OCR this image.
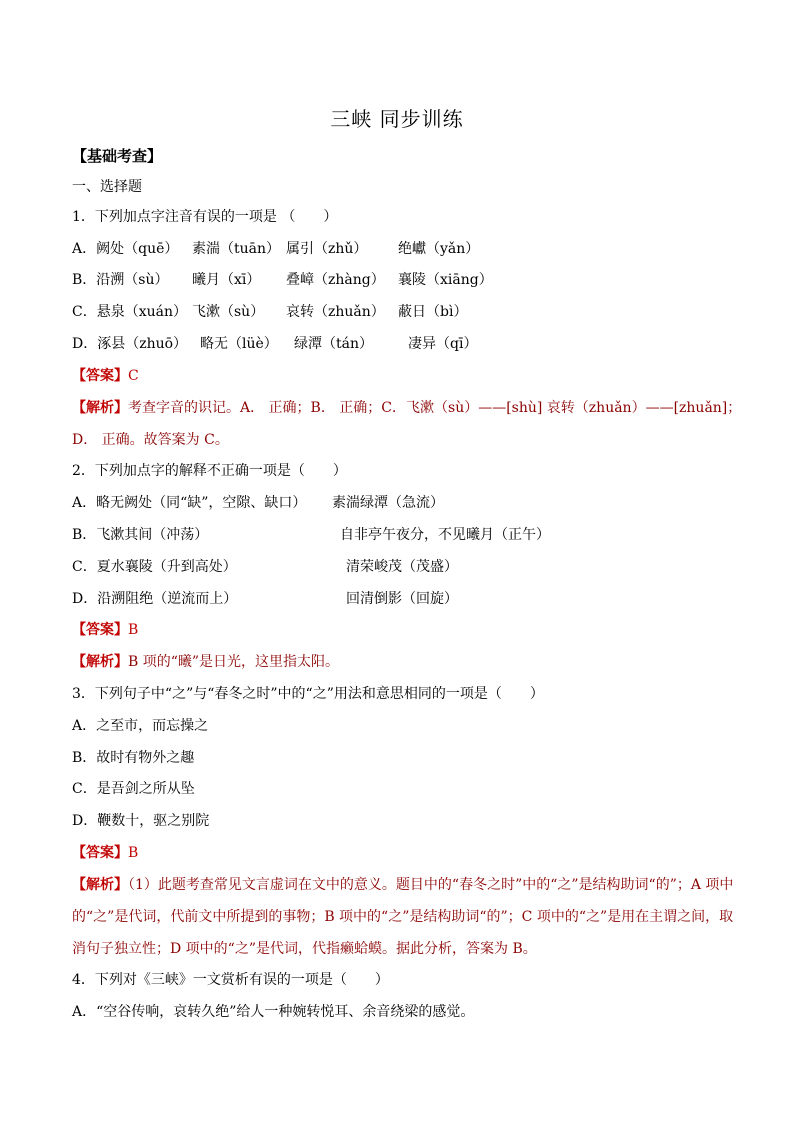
三峡 同步训练
【基础考查】
一、选择题
1．下列加点字注音有误的一项是 （　　）
A．阙处（quē） 素湍（tuān） 属引（zhǔ） 绝巘（yǎn）
B．沿溯（sù） 曦月（xī） 叠嶂（zhàng） 襄陵（xiāng）
C．悬泉（xuán） 飞漱（sù） 哀转（zhuǎn） 蔽日（bì）
D．涿县（zhuō） 略无（lüè） 绿潭（tán）	凄异（qī）
【答案】C
【解析】考查字音的识记。A． 正确；B． 正确；C．飞漱（sù）——[shù] 哀转（zhuǎn）——[zhuǎn]；
D． 正确。故答案为 C。
2．下列加点字的解释不正确一项是（　　）
A．略无阙处（同“缺”，空隙、缺口） 素湍绿潭（急流）
B．飞漱其间（冲荡）	自非亭午夜分，不见曦月（正午）
C．夏水襄陵（升到高处）	清荣峻茂（茂盛）
D．沿溯阻绝（逆流而上）	回清倒影（回旋）
【答案】B
【解析】B 项的“曦”是日光，这里指太阳。
3．下列句子中“之”与“春冬之时”中的“之”用法和意思相同的一项是（　　）
A．之至市，而忘操之
B．故时有物外之趣
C．是吾剑之所从坠
D．鞭数十，驱之别院
【答案】B
【解析】（1）此题考查常见文言虚词在文中的意义。题目中的“春冬之时”中的“之”是结构助词“的”；A 项中
的“之”是代词，代前文中所提到的事物；B 项中的“之”是结构助词“的”；C 项中的“之”是用在主谓之间，取
消句子独立性；D 项中的“之”是代词，代指癞蛤蟆。据此分析，答案为 B。
4．下列对《三峡》一文赏析有误的一项是（　　）
A．“空谷传响，哀转久绝”给人一种婉转悦耳、余音绕梁的感觉。
